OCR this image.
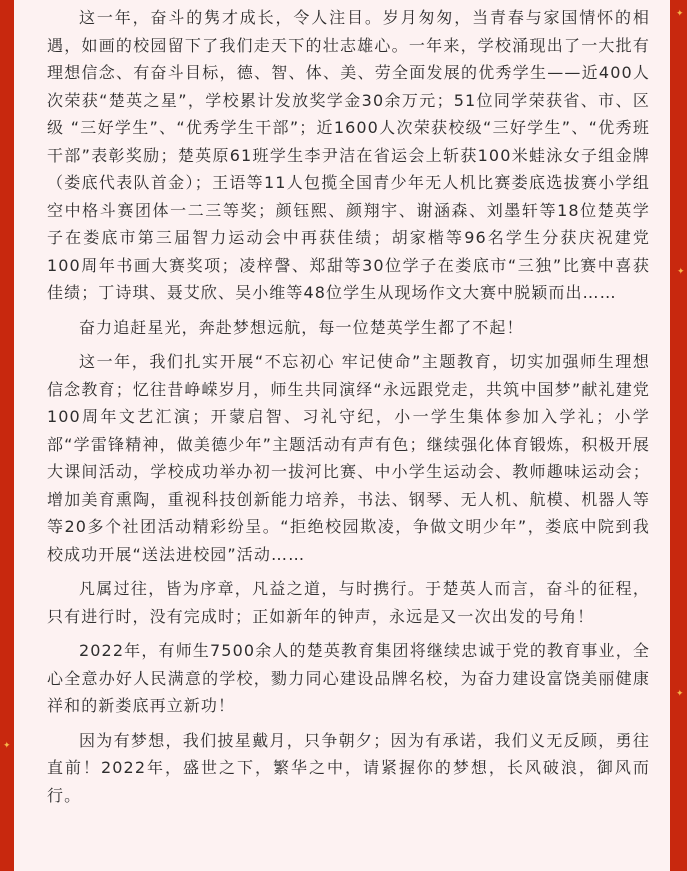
这一年，奋斗的隽才成长，令人注目。岁月匆匆，当青春与家国情怀的相遇，如画的校园留下了我们走天下的壮志雄心。一年来，学校涌现出了一大批有理想信念、有奋斗目标，德、智、体、美、劳全面发展的优秀学生——近400人次荣获“楚英之星”，学校累计发放奖学金30余万元；51位同学荣获省、市、区级 “三好学生”、“优秀学生干部”；近1600人次荣获校级“三好学生”、“优秀班干部”表彰奖励；楚英原61班学生李尹洁在省运会上斩获100米蛙泳女子组金牌（娄底代表队首金）；王语等11人包揽全国青少年无人机比赛娄底选拔赛小学组空中格斗赛团体一二三等奖；颜钰熙、颜翔宇、谢涵森、刘墨轩等18位楚英学子在娄底市第三届智力运动会中再获佳绩；胡家楷等96名学生分获庆祝建党100周年书画大赛奖项；凌梓謦、郑甜等30位学子在娄底市“三独”比赛中喜获佳绩；丁诗琪、聂艾欣、吴小维等48位学生从现场作文大赛中脱颖而出……

奋力追赶星光，奔赴梦想远航，每一位楚英学生都了不起！

这一年，我们扎实开展“不忘初心 牢记使命”主题教育，切实加强师生理想信念教育；忆往昔峥嵘岁月，师生共同演绎“永远跟党走，共筑中国梦”献礼建党100周年文艺汇演；开蒙启智、习礼守纪，小一学生集体参加入学礼；小学部“学雷锋精神，做美德少年”主题活动有声有色；继续强化体育锻炼，积极开展大课间活动，学校成功举办初一拔河比赛、中小学生运动会、教师趣味运动会；增加美育熏陶，重视科技创新能力培养，书法、钢琴、无人机、航模、机器人等等20多个社团活动精彩纷呈。“拒绝校园欺凌，争做文明少年”，娄底中院到我校成功开展“送法进校园”活动……

凡属过往，皆为序章，凡益之道，与时携行。于楚英人而言，奋斗的征程，只有进行时，没有完成时；正如新年的钟声，永远是又一次出发的号角！

2022年，有师生7500余人的楚英教育集团将继续忠诚于党的教育事业，全心全意办好人民满意的学校，勠力同心建设品牌名校，为奋力建设富饶美丽健康祥和的新娄底再立新功！

因为有梦想，我们披星戴月，只争朝夕；因为有承诺，我们义无反顾，勇往直前！2022年，盛世之下，繁华之中，请紧握你的梦想，长风破浪，御风而行。

✦
✦
✦
✦
